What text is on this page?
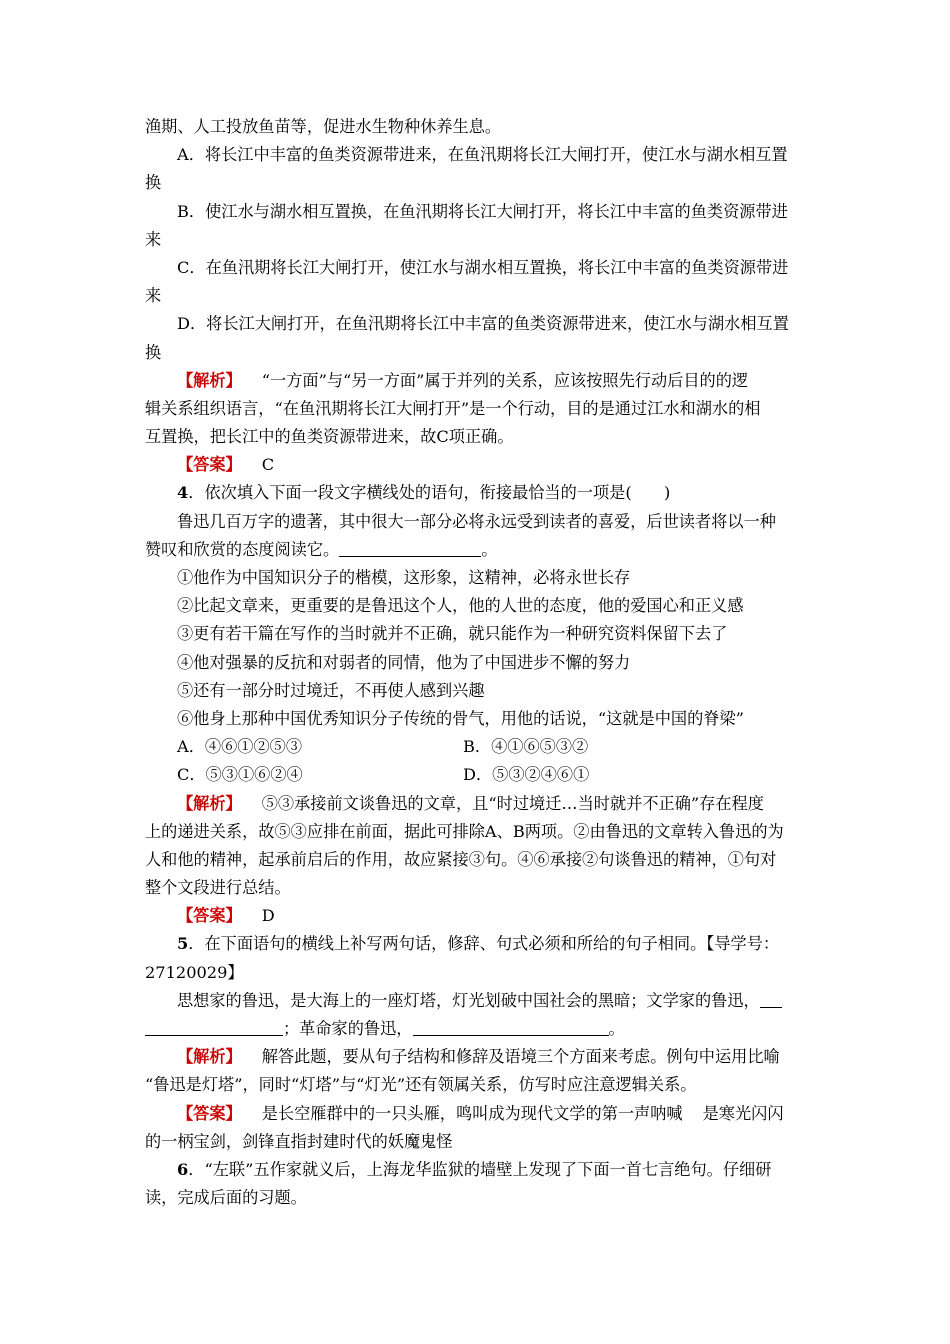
渔期、人工投放鱼苗等，促进水生物种休养生息。
A．将长江中丰富的鱼类资源带进来，在鱼汛期将长江大闸打开，使江水与湖水相互置
换
B．使江水与湖水相互置换，在鱼汛期将长江大闸打开，将长江中丰富的鱼类资源带进
来
C．在鱼汛期将长江大闸打开，使江水与湖水相互置换，将长江中丰富的鱼类资源带进
来
D．将长江大闸打开，在鱼汛期将长江中丰富的鱼类资源带进来，使江水与湖水相互置
换
【解析】 “一方面”与“另一方面”属于并列的关系，应该按照先行动后目的的逻
辑关系组织语言，“在鱼汛期将长江大闸打开”是一个行动，目的是通过江水和湖水的相
互置换，把长江中的鱼类资源带进来，故C项正确。
【答案】 C
4．依次填入下面一段文字横线处的语句，衔接最恰当的一项是(　　)
鲁迅几百万字的遗著，其中很大一部分必将永远受到读者的喜爱，后世读者将以一种
赞叹和欣赏的态度阅读它。	。
①他作为中国知识分子的楷模，这形象，这精神，必将永世长存
②比起文章来，更重要的是鲁迅这个人，他的人世的态度，他的爱国心和正义感
③更有若干篇在写作的当时就并不正确，就只能作为一种研究资料保留下去了
④他对强暴的反抗和对弱者的同情，他为了中国进步不懈的努力
⑤还有一部分时过境迁，不再使人感到兴趣
⑥他身上那种中国优秀知识分子传统的骨气，用他的话说，“这就是中国的脊梁”
A．④⑥①②⑤③	B．④①⑥⑤③②
C．⑤③①⑥②④	D．⑤③②④⑥①
【解析】 ⑤③承接前文谈鲁迅的文章，且“时过境迁…当时就并不正确”存在程度
上的递进关系，故⑤③应排在前面，据此可排除A、B两项。②由鲁迅的文章转入鲁迅的为
人和他的精神，起承前启后的作用，故应紧接③句。④⑥承接②句谈鲁迅的精神，①句对
整个文段进行总结。
【答案】 D
5．在下面语句的横线上补写两句话，修辞、句式必须和所给的句子相同。【导学号：
27120029】
思想家的鲁迅，是大海上的一座灯塔，灯光划破中国社会的黑暗；文学家的鲁迅，
；革命家的鲁迅，	。
【解析】 解答此题，要从句子结构和修辞及语境三个方面来考虑。例句中运用比喻
“鲁迅是灯塔”，同时“灯塔”与“灯光”还有领属关系，仿写时应注意逻辑关系。
【答案】 是长空雁群中的一只头雁，鸣叫成为现代文学的第一声呐喊 是寒光闪闪
的一柄宝剑，剑锋直指封建时代的妖魔鬼怪
6．“左联”五作家就义后，上海龙华监狱的墙壁上发现了下面一首七言绝句。仔细研
读，完成后面的习题。
